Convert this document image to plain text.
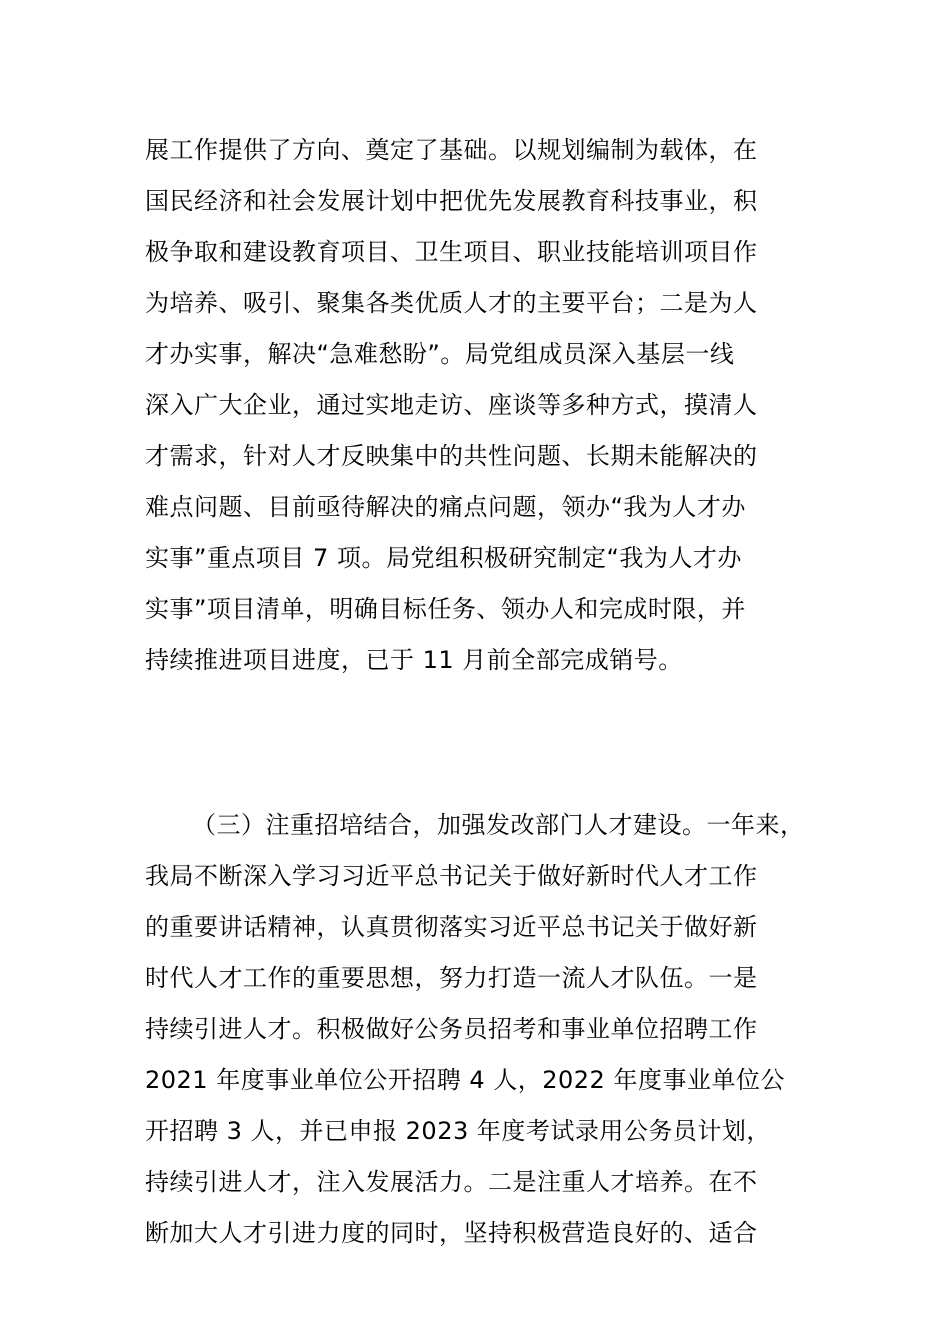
展工作提供了方向、奠定了基础。以规划编制为载体，在
国民经济和社会发展计划中把优先发展教育科技事业，积
极争取和建设教育项目、卫生项目、职业技能培训项目作
为培养、吸引、聚集各类优质人才的主要平台；二是为人
才办实事，解决“急难愁盼”。局党组成员深入基层一线
深入广大企业，通过实地走访、座谈等多种方式，摸清人
才需求，针对人才反映集中的共性问题、长期未能解决的
难点问题、目前亟待解决的痛点问题，领办“我为人才办
实事”重点项目 7 项。局党组积极研究制定“我为人才办
实事”项目清单，明确目标任务、领办人和完成时限，并
持续推进项目进度，已于 11 月前全部完成销号。
（三）注重招培结合，加强发改部门人才建设。一年来，
我局不断深入学习习近平总书记关于做好新时代人才工作
的重要讲话精神，认真贯彻落实习近平总书记关于做好新
时代人才工作的重要思想，努力打造一流人才队伍。一是
持续引进人才。积极做好公务员招考和事业单位招聘工作
2021 年度事业单位公开招聘 4 人，2022 年度事业单位公
开招聘 3 人，并已申报 2023 年度考试录用公务员计划，
持续引进人才，注入发展活力。二是注重人才培养。在不
断加大人才引进力度的同时，坚持积极营造良好的、适合
